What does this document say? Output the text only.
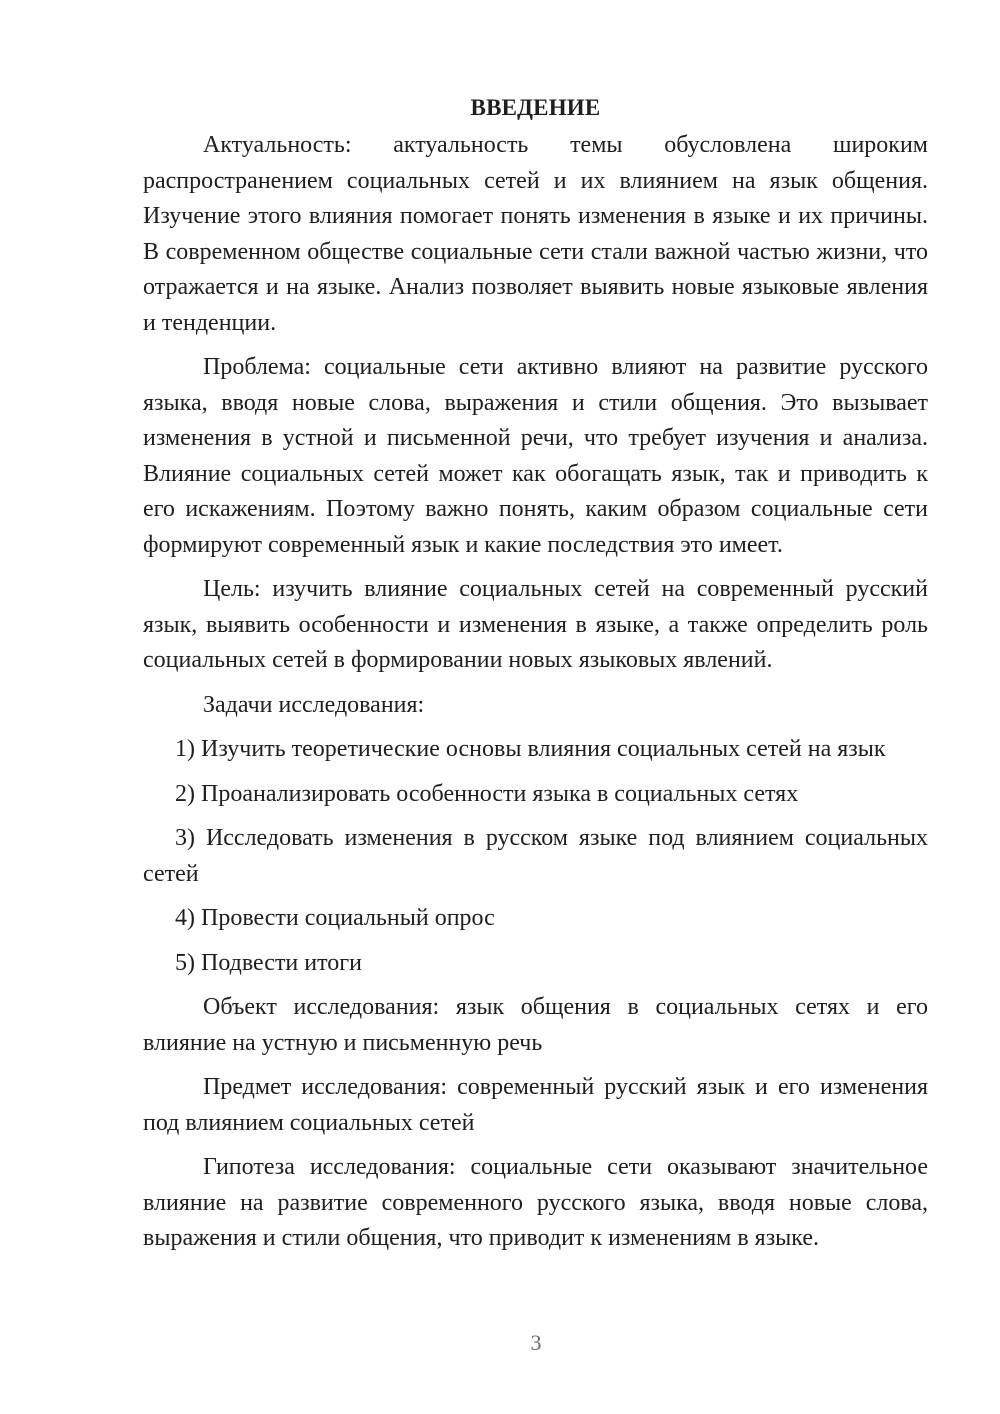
ВВЕДЕНИЕ

Актуальность: актуальность темы обусловлена широким распространением социальных сетей и их влиянием на язык общения. Изучение этого влияния помогает понять изменения в языке и их причины. В современном обществе социальные сети стали важной частью жизни, что отражается и на языке. Анализ позволяет выявить новые языковые явления и тенденции.

Проблема: социальные сети активно влияют на развитие русского языка, вводя новые слова, выражения и стили общения. Это вызывает изменения в устной и письменной речи, что требует изучения и анализа. Влияние социальных сетей может как обогащать язык, так и приводить к его искажениям. Поэтому важно понять, каким образом социальные сети формируют современный язык и какие последствия это имеет.

Цель: изучить влияние социальных сетей на современный русский язык, выявить особенности и изменения в языке, а также определить роль социальных сетей в формировании новых языковых явлений.

Задачи исследования:

1) Изучить теоретические основы влияния социальных сетей на язык

2) Проанализировать особенности языка в социальных сетях

3) Исследовать изменения в русском языке под влиянием социальных сетей

4) Провести социальный опрос

5) Подвести итоги

Объект исследования: язык общения в социальных сетях и его влияние на устную и письменную речь

Предмет исследования: современный русский язык и его изменения под влиянием социальных сетей

Гипотеза исследования: социальные сети оказывают значительное влияние на развитие современного русского языка, вводя новые слова, выражения и стили общения, что приводит к изменениям в языке.

3
